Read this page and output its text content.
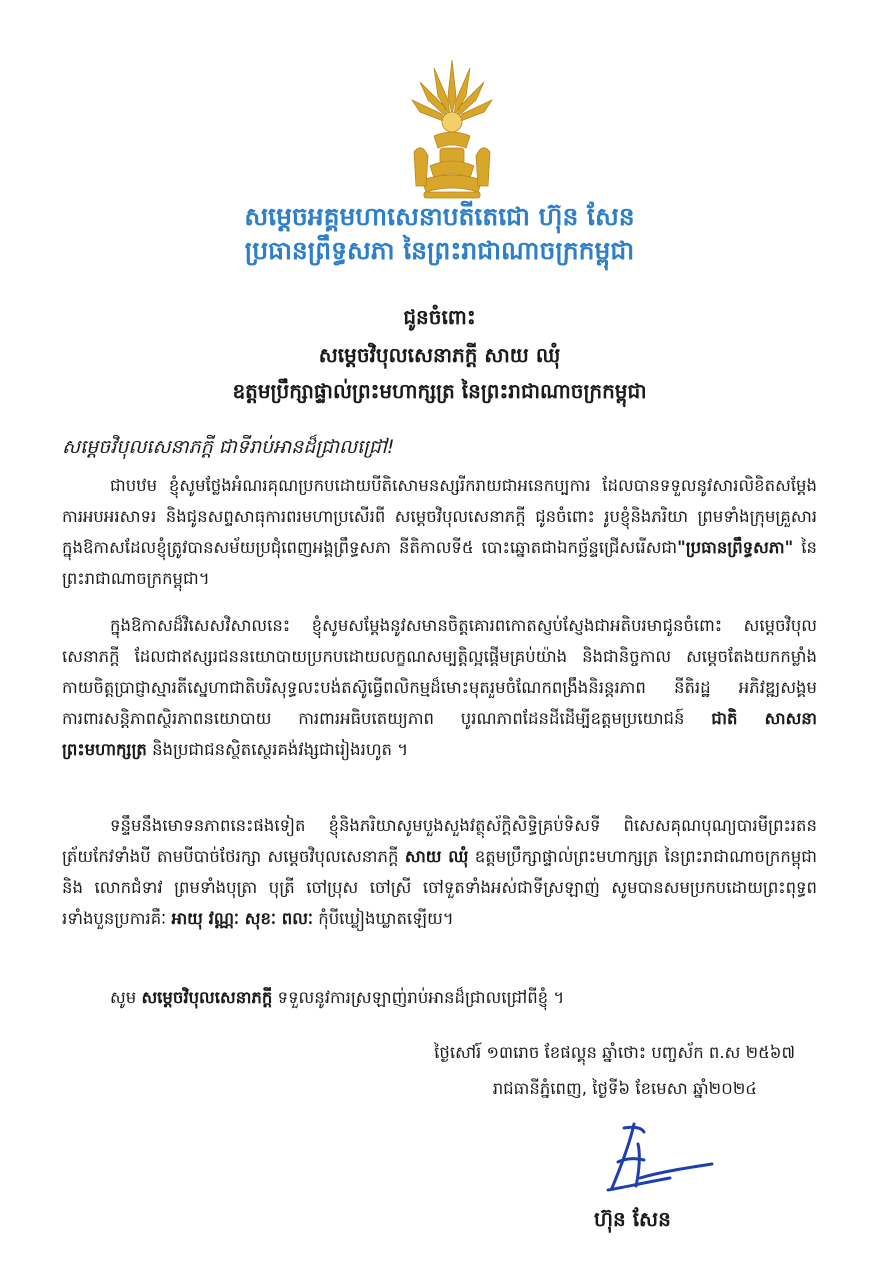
សម្ដេចអគ្គមហាសេនាបតីតេជោ ហ៊ុន សែន
ប្រធានព្រឹទ្ធសភា នៃព្រះរាជាណាចក្រកម្ពុជា
ជូនចំពោះ
សម្ដេចវិបុលសេនាភក្ដី សាយ ឈុំ
ឧត្ដមប្រឹក្សាផ្ទាល់ព្រះមហាក្សត្រ នៃព្រះរាជាណាចក្រកម្ពុជា
សម្ដេចវិបុលសេនាភក្ដី ជាទីរាប់អានដ៏ជ្រាលជ្រៅ!
ជាបឋម ខ្ញុំសូមថ្លែងអំណរគុណប្រកបដោយបីតិសោមនស្សរីករាយជាអនេកប្បការ ដែលបានទទួលនូវសារលិខិតសម្ដែងការអបអរសាទរ និងជូនសព្ទសាធុការពរមហាប្រសើរពី សម្ដេចវិបុលសេនាភក្ដី ជូនចំពោះ រូបខ្ញុំនិងភរិយា ព្រមទាំងក្រុមគ្រួសារ ក្នុងឱកាសដែលខ្ញុំត្រូវបានសម័យប្រជុំពេញអង្គព្រឹទ្ធសភា នីតិកាលទី៥ បោះឆ្នោតជាឯកច្ឆ័ន្ទជ្រើសរើសជា"ប្រធានព្រឹទ្ធសភា" នៃព្រះរាជាណាចក្រកម្ពុជា។
ក្នុងឱកាសដ៏វិសេសវិសាលនេះ ខ្ញុំសូមសម្ដែងនូវសមានចិត្តគោរពកោតស្ញប់ស្ញែងជាអតិបរមាជូនចំពោះ សម្ដេចវិបុលសេនាភក្ដី ដែលជាឥស្សរជននយោបាយប្រកបដោយលក្ខណសម្បត្តិល្អផ្ដើមគ្រប់យ៉ាង និងជានិច្ចកាល សម្ដេចតែងយកកម្លាំងកាយចិត្តប្រាជ្ញាស្មារតីស្នេហាជាតិបរិសុទ្ធលះបង់តស៊ូធ្វើពលិកម្មដ៏មោះមុតរួមចំណែកពង្រឹងនិរន្តរភាព នីតិរដ្ឋ អភិវឌ្ឍសង្គម ការពារសន្តិភាពស្ថិរភាពនយោបាយ ការពារអធិបតេយ្យភាព បូរណភាពដែនដីដើម្បីឧត្ដមប្រយោជន៍ ជាតិ សាសនា ព្រះមហាក្សត្រ និងប្រជាជនស្ថិតស្ថេរគង់វង្សជារៀងរហូត ។
ទន្ទឹមនឹងមោទនភាពនេះផងទៀត ខ្ញុំនិងភរិយាសូមបួងសួងវត្ថុស័ក្ដិសិទ្ធិគ្រប់ទិសទី ពិសេសគុណបុណ្យបារមីព្រះរតនត្រ័យកែវទាំងបី តាមបីបាច់ថែរក្សា សម្ដេចវិបុលសេនាភក្ដី សាយ ឈុំ ឧត្ដមប្រឹក្សាផ្ទាល់ព្រះមហាក្សត្រ នៃព្រះរាជាណាចក្រកម្ពុជា និង លោកជំទាវ ព្រមទាំងបុត្រា បុត្រី ចៅប្រុស ចៅស្រី ចៅទួតទាំងអស់ជាទីស្រឡាញ់ សូមបានសមប្រកបដោយព្រះពុទ្ធពរទាំងបួនប្រការគឺៈ អាយុ វណ្ណៈ សុខៈ ពលៈ កុំបីឃ្លៀងឃ្លាតឡើយ។
សូម សម្ដេចវិបុលសេនាភក្ដី ទទួលនូវការស្រឡាញ់រាប់អានដ៏ជ្រាលជ្រៅពីខ្ញុំ ។
ថ្ងៃសៅរ៍ ១៣រោច ខែផល្គុន ឆ្នាំថោះ បញ្ចស័ក ព.ស ២៥៦៧
រាជធានីភ្នំពេញ, ថ្ងៃទី៦ ខែមេសា ឆ្នាំ២០២៤
ហ៊ុន សែន
